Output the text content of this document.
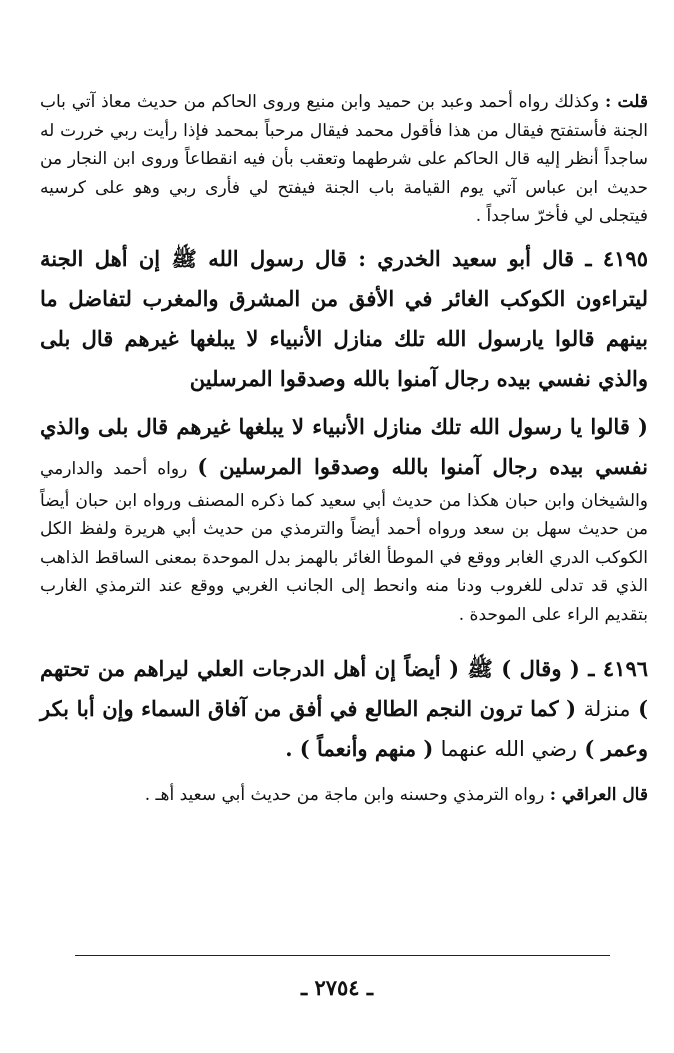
قلت : وكذلك رواه أحمد وعبد بن حميد وابن منيع وروى الحاكم من حديث معاذ آتي باب الجنة فأستفتح فيقال من هذا فأقول محمد فيقال مرحباً بمحمد فإذا رأيت ربي خررت له ساجداً أنظر إليه قال الحاكم على شرطهما وتعقب بأن فيه انقطاعاً وروى ابن النجار من حديث ابن عباس آتي يوم القيامة باب الجنة فيفتح لي فأرى ربي وهو على كرسيه فيتجلى لي فأخرّ ساجداً .

٤١٩٥ ـ قال أبو سعيد الخدري : قال رسول الله ﷺ إن أهل الجنة ليتراءون الكوكب الغائر في الأفق من المشرق والمغرب لتفاضل ما بينهم قالوا يارسول الله تلك منازل الأنبياء لا يبلغها غيرهم قال بلى والذي نفسي بيده رجال آمنوا بالله وصدقوا المرسلين

( قالوا يا رسول الله تلك منازل الأنبياء لا يبلغها غيرهم قال بلى والذي نفسي بيده رجال آمنوا بالله وصدقوا المرسلين ) رواه أحمد والدارمي والشيخان وابن حبان هكذا من حديث أبي سعيد كما ذكره المصنف ورواه ابن حبان أيضاً من حديث سهل بن سعد ورواه أحمد أيضاً والترمذي من حديث أبي هريرة ولفظ الكل الكوكب الدري الغابر ووقع في الموطأ الغائر بالهمز بدل الموحدة بمعنى الساقط الذاهب الذي قد تدلى للغروب ودنا منه وانحط إلى الجانب الغربي ووقع عند الترمذي الغارب بتقديم الراء على الموحدة .

٤١٩٦ ـ ( وقال ) ﷺ ( أيضاً إن أهل الدرجات العلي ليراهم من تحتهم ) منزلة ( كما ترون النجم الطالع في أفق من آفاق السماء وإن أبا بكر وعمر ) رضي الله عنهما ( منهم وأنعماً ) .

قال العراقي : رواه الترمذي وحسنه وابن ماجة من حديث أبي سعيد أهـ .

ـ ٢٧٥٤ ـ
